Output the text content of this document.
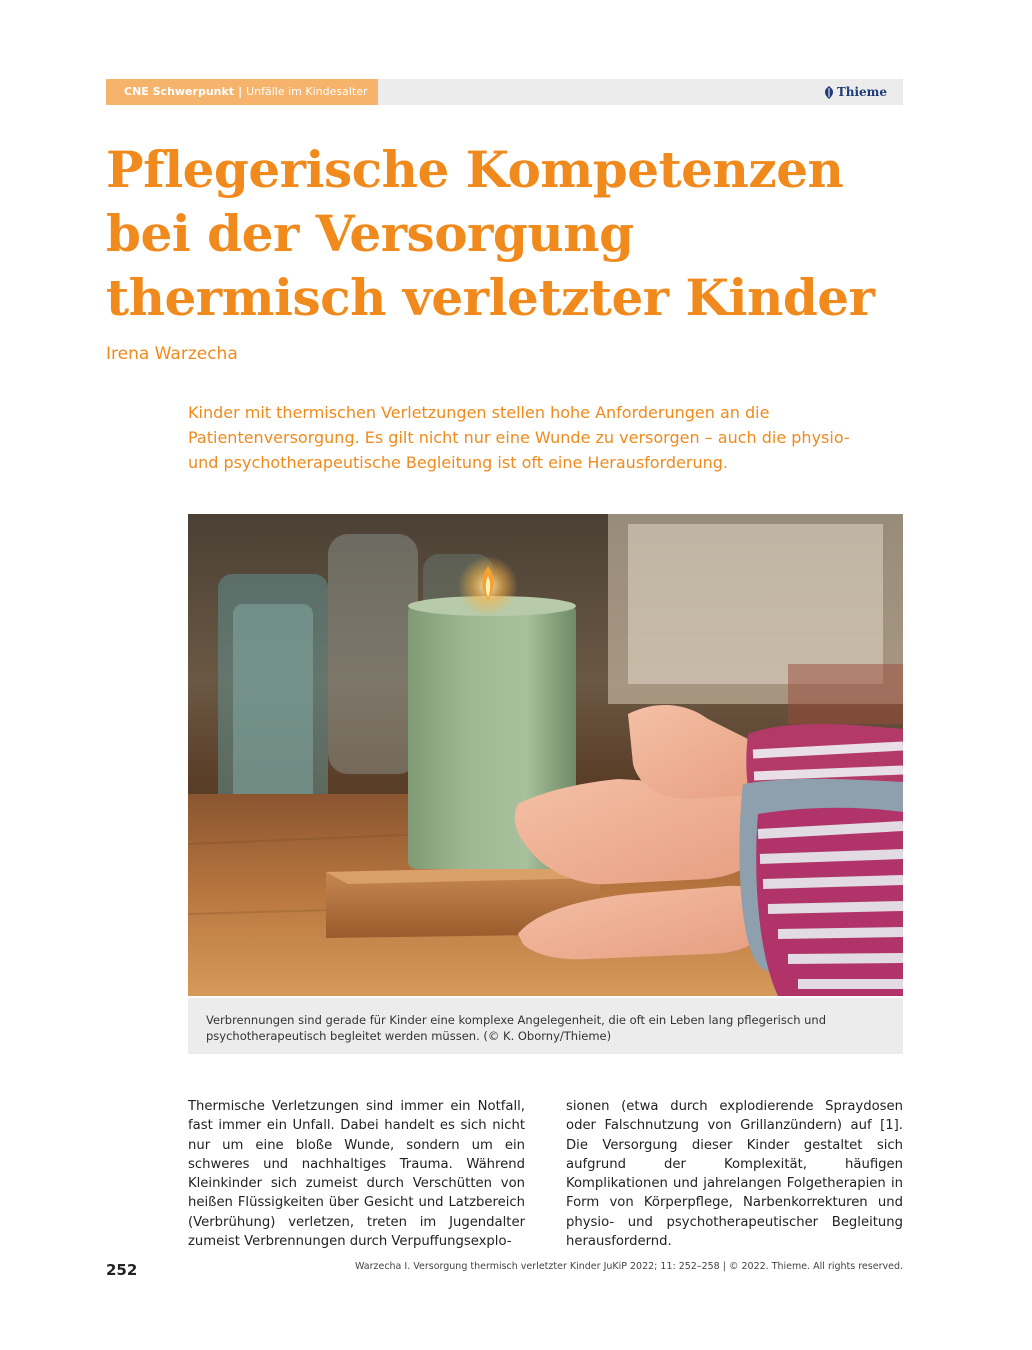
CNE Schwerpunkt | Unfälle im Kindesalter	Thieme
Pflegerische Kompetenzen bei der Versorgung thermisch verletzter Kinder
Irena Warzecha
Kinder mit thermischen Verletzungen stellen hohe Anforderungen an die Patientenversorgung. Es gilt nicht nur eine Wunde zu versorgen – auch die physio- und psychotherapeutische Begleitung ist oft eine Herausforderung.
Verbrennungen sind gerade für Kinder eine komplexe Angelegenheit, die oft ein Leben lang pflegerisch und psychotherapeutisch begleitet werden müssen. (© K. Oborny/Thieme)
Thermische Verletzungen sind immer ein Notfall, fast immer ein Unfall. Dabei handelt es sich nicht nur um eine bloße Wunde, sondern um ein schweres und nachhaltiges Trauma. Während Kleinkinder sich zumeist durch Verschütten von heißen Flüssigkeiten über Gesicht und Latzbereich (Verbrühung) verletzen, treten im Jugendalter zumeist Verbrennungen durch Verpuffungsexplo-
sionen (etwa durch explodierende Spraydosen oder Falschnutzung von Grillanzündern) auf [1]. Die Versorgung dieser Kinder gestaltet sich aufgrund der Komplexität, häufigen Komplikationen und jahrelangen Folgetherapien in Form von Körperpflege, Narbenkorrekturen und physio- und psychotherapeutischer Begleitung herausfordernd.
252	Warzecha I. Versorgung thermisch verletzter Kinder JuKiP 2022; 11: 252–258 | © 2022. Thieme. All rights reserved.
